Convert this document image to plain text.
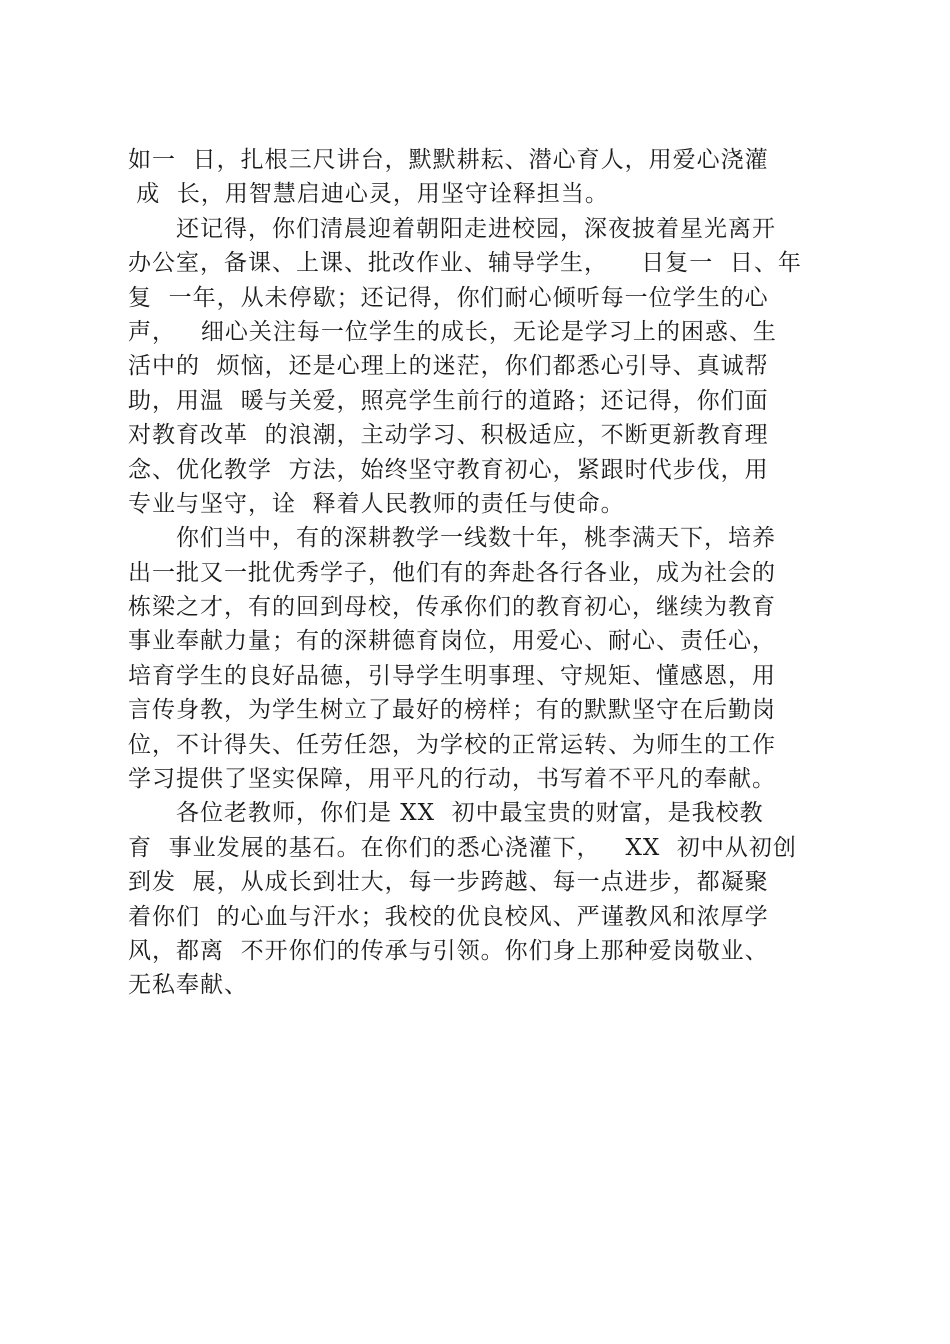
如一  日，扎根三尺讲台，默默耕耘、潜心育人，用爱心浇灌
成  长，用智慧启迪心灵，用坚守诠释担当。
还记得，你们清晨迎着朝阳走进校园，深夜披着星光离开
办公室，备课、上课、批改作业、辅导学生，    日复一  日、年
复  一年，从未停歇；还记得，你们耐心倾听每一位学生的心
声，   细心关注每一位学生的成长，无论是学习上的困惑、生
活中的  烦恼，还是心理上的迷茫，你们都悉心引导、真诚帮
助，用温  暖与关爱，照亮学生前行的道路；还记得，你们面
对教育改革  的浪潮，主动学习、积极适应，不断更新教育理
念、优化教学  方法，始终坚守教育初心，紧跟时代步伐，用
专业与坚守，诠  释着人民教师的责任与使命。
你们当中，有的深耕教学一线数十年，桃李满天下，培养
出一批又一批优秀学子，他们有的奔赴各行各业，成为社会的
栋梁之才，有的回到母校，传承你们的教育初心，继续为教育
事业奉献力量；有的深耕德育岗位，用爱心、耐心、责任心，
培育学生的良好品德，引导学生明事理、守规矩、懂感恩，用
言传身教，为学生树立了最好的榜样；有的默默坚守在后勤岗
位，不计得失、任劳任怨，为学校的正常运转、为师生的工作
学习提供了坚实保障，用平凡的行动，书写着不平凡的奉献。
各位老教师，你们是 XX  初中最宝贵的财富，是我校教
育  事业发展的基石。在你们的悉心浇灌下，   XX  初中从初创
到发  展，从成长到壮大，每一步跨越、每一点进步，都凝聚
着你们  的心血与汗水；我校的优良校风、严谨教风和浓厚学
风，都离  不开你们的传承与引领。你们身上那种爱岗敬业、
无私奉献、
